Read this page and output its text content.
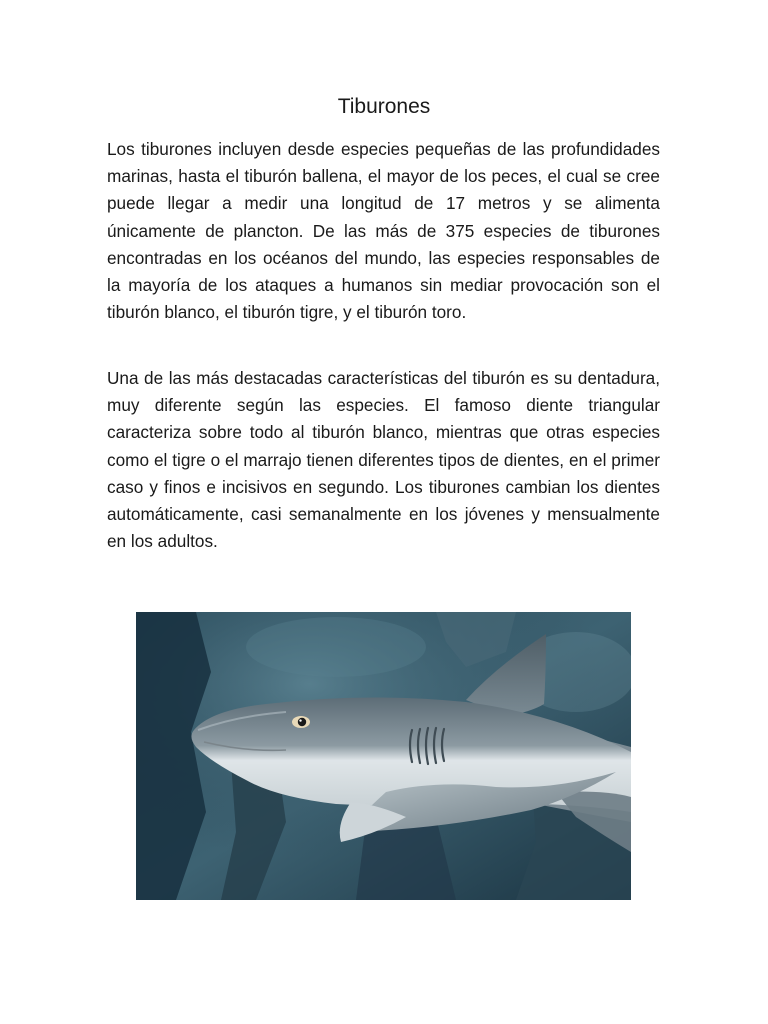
Tiburones

Los tiburones incluyen desde especies pequeñas de las profundidades marinas, hasta el tiburón ballena, el mayor de los peces, el cual se cree puede llegar a medir una longitud de 17 metros y se alimenta únicamente de plancton. De las más de 375 especies de tiburones encontradas en los océanos del mundo, las especies responsables de la mayoría de los ataques a humanos sin mediar provocación son el tiburón blanco, el tiburón tigre, y el tiburón toro.

Una de las más destacadas características del tiburón es su dentadura, muy diferente según las especies. El famoso diente triangular caracteriza sobre todo al tiburón blanco, mientras que otras especies como el tigre o el marrajo tienen diferentes tipos de dientes, en el primer caso y finos e incisivos en segundo. Los tiburones cambian los dientes automáticamente, casi semanalmente en los jóvenes y mensualmente en los adultos.
